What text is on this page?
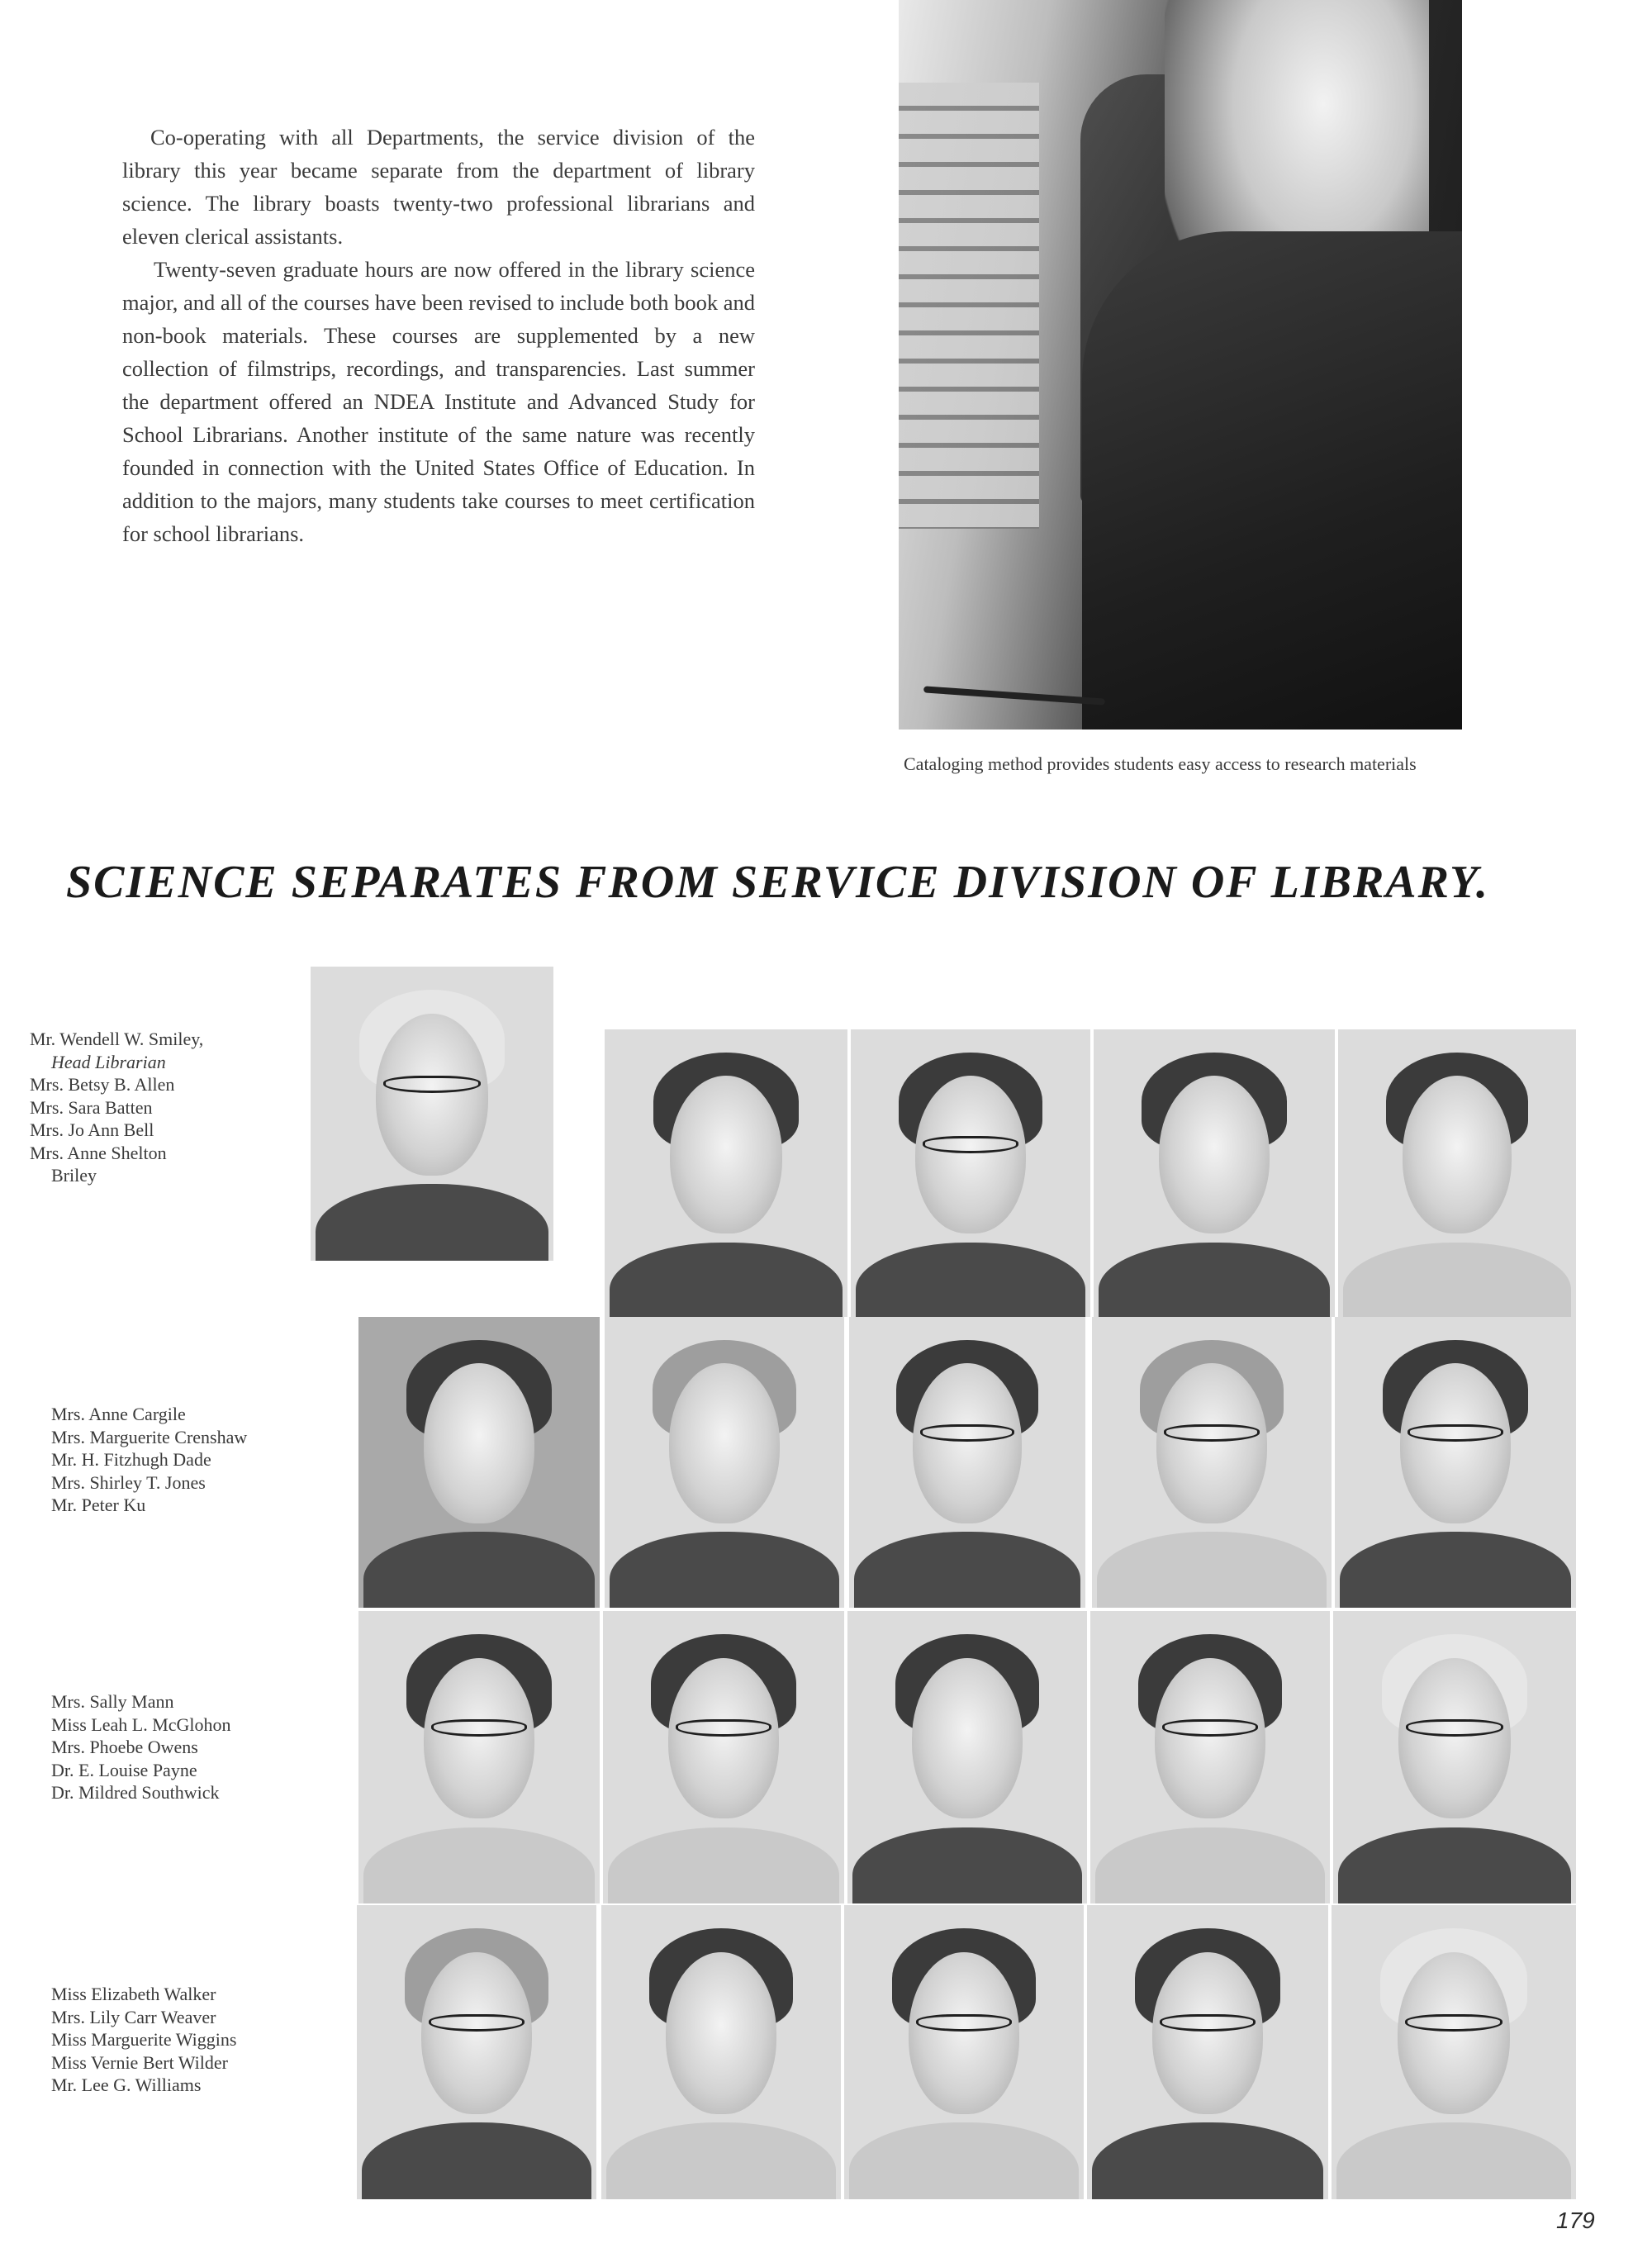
Co-operating with all Departments, the service division of the library this year became separate from the department of library science. The library boasts twenty-two professional librarians and eleven clerical assistants.

Twenty-seven graduate hours are now offered in the library science major, and all of the courses have been revised to include both book and non-book materials. These courses are supplemented by a new collection of filmstrips, recordings, and transparencies. Last summer the department offered an NDEA Institute and Advanced Study for School Librarians. Another institute of the same nature was recently founded in connection with the United States Office of Education. In addition to the majors, many students take courses to meet certification for school librarians.

Cataloging method provides students easy access to research materials

SCIENCE SEPARATES FROM SERVICE DIVISION OF LIBRARY.
Mr. Wendell W. Smiley,
Head Librarian
Mrs. Betsy B. Allen
Mrs. Sara Batten
Mrs. Jo Ann Bell
Mrs. Anne Shelton
Briley
Mrs. Anne Cargile
Mrs. Marguerite Crenshaw
Mr. H. Fitzhugh Dade
Mrs. Shirley T. Jones
Mr. Peter Ku
Mrs. Sally Mann
Miss Leah L. McGlohon
Mrs. Phoebe Owens
Dr. E. Louise Payne
Dr. Mildred Southwick
Miss Elizabeth Walker
Mrs. Lily Carr Weaver
Miss Marguerite Wiggins
Miss Vernie Bert Wilder
Mr. Lee G. Williams

179
